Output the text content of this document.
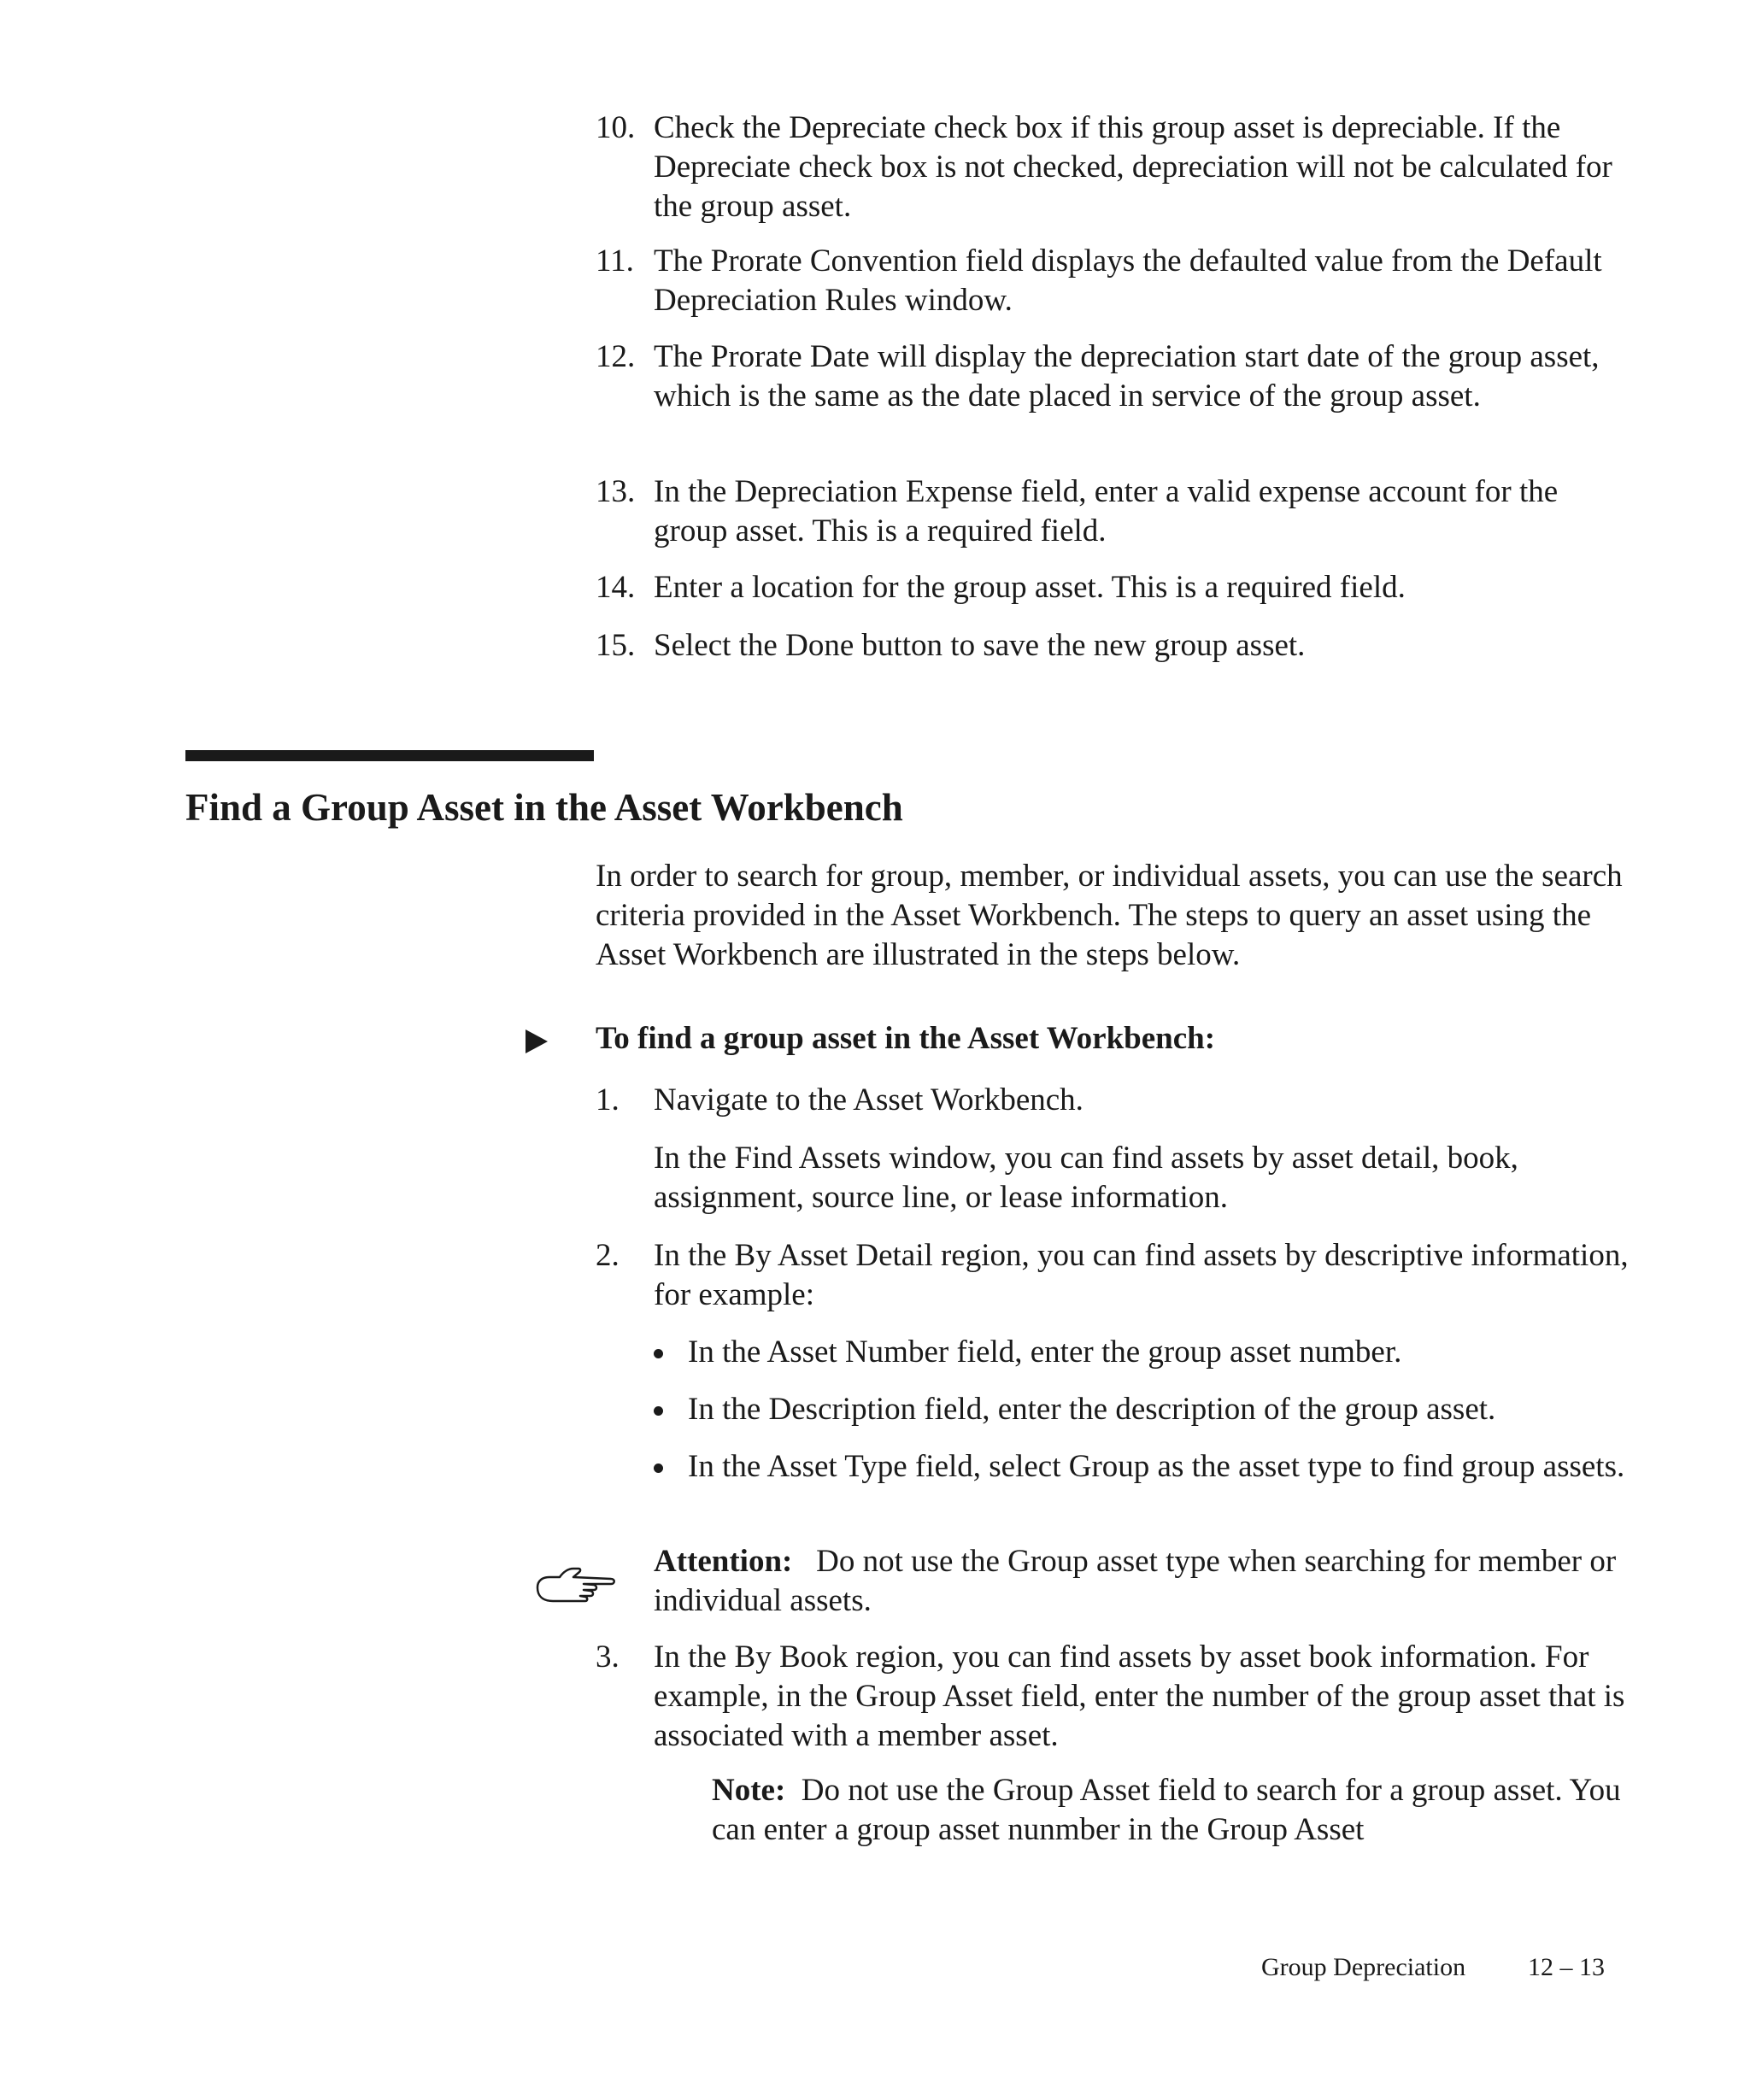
10. Check the Depreciate check box if this group asset is depreciable. If the Depreciate check box is not checked, depreciation will not be calculated for the group asset.
11. The Prorate Convention field displays the defaulted value from the Default Depreciation Rules window.
12. The Prorate Date will display the depreciation start date of the group asset, which is the same as the date placed in service of the group asset.
13. In the Depreciation Expense field, enter a valid expense account for the group asset. This is a required field.
14. Enter a location for the group asset. This is a required field.
15. Select the Done button to save the new group asset.
Find a Group Asset in the Asset Workbench
In order to search for group, member, or individual assets, you can use the search criteria provided in the Asset Workbench. The steps to query an asset using the Asset Workbench are illustrated in the steps below.
To find a group asset in the Asset Workbench:
1.	Navigate to the Asset Workbench.
In the Find Assets window, you can find assets by asset detail, book, assignment, source line, or lease information.
2.	In the By Asset Detail region, you can find assets by descriptive information, for example:
In the Asset Number field, enter the group asset number.
In the Description field, enter the description of the group asset.
In the Asset Type field, select Group as the asset type to find group assets.
Attention: Do not use the Group asset type when searching for member or individual assets.
3.	In the By Book region, you can find assets by asset book information. For example, in the Group Asset field, enter the number of the group asset that is associated with a member asset.
Note: Do not use the Group Asset field to search for a group asset. You can enter a group asset nunmber in the Group Asset
Group Depreciation 12 – 13
